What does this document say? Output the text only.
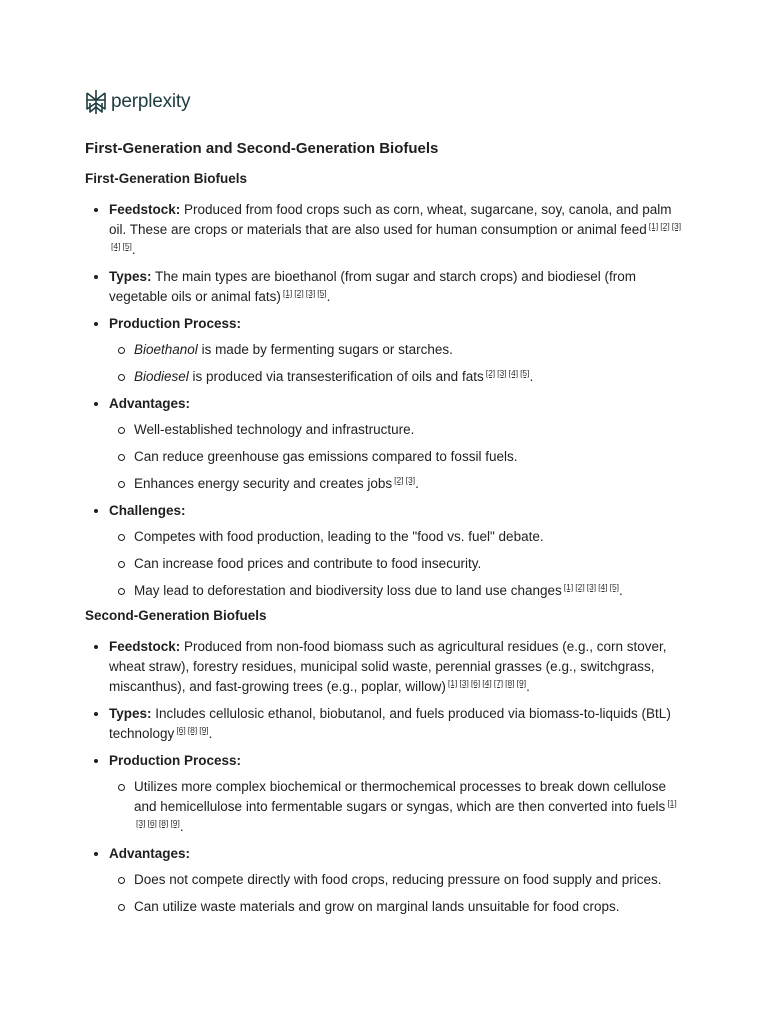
perplexity
First-Generation and Second-Generation Biofuels
First-Generation Biofuels
Feedstock: Produced from food crops such as corn, wheat, sugarcane, soy, canola, and palm oil. These are crops or materials that are also used for human consumption or animal feed [1] [2] [3][4] [5].
Types: The main types are bioethanol (from sugar and starch crops) and biodiesel (from vegetable oils or animal fats) [1] [2] [3] [5].
Production Process:
Bioethanol is made by fermenting sugars or starches.
Biodiesel is produced via transesterification of oils and fats [2] [3] [4] [5].
Advantages:
Well-established technology and infrastructure.
Can reduce greenhouse gas emissions compared to fossil fuels.
Enhances energy security and creates jobs [2] [3].
Challenges:
Competes with food production, leading to the "food vs. fuel" debate.
Can increase food prices and contribute to food insecurity.
May lead to deforestation and biodiversity loss due to land use changes [1] [2] [3] [4] [5].
Second-Generation Biofuels
Feedstock: Produced from non-food biomass such as agricultural residues (e.g., corn stover, wheat straw), forestry residues, municipal solid waste, perennial grasses (e.g., switchgrass, miscanthus), and fast-growing trees (e.g., poplar, willow) [1] [3] [6] [4] [7] [8] [9].
Types: Includes cellulosic ethanol, biobutanol, and fuels produced via biomass-to-liquids (BtL) technology [6] [8] [9].
Production Process:
Utilizes more complex biochemical or thermochemical processes to break down cellulose and hemicellulose into fermentable sugars or syngas, which are then converted into fuels [1][3] [6] [8] [9].
Advantages:
Does not compete directly with food crops, reducing pressure on food supply and prices.
Can utilize waste materials and grow on marginal lands unsuitable for food crops.
